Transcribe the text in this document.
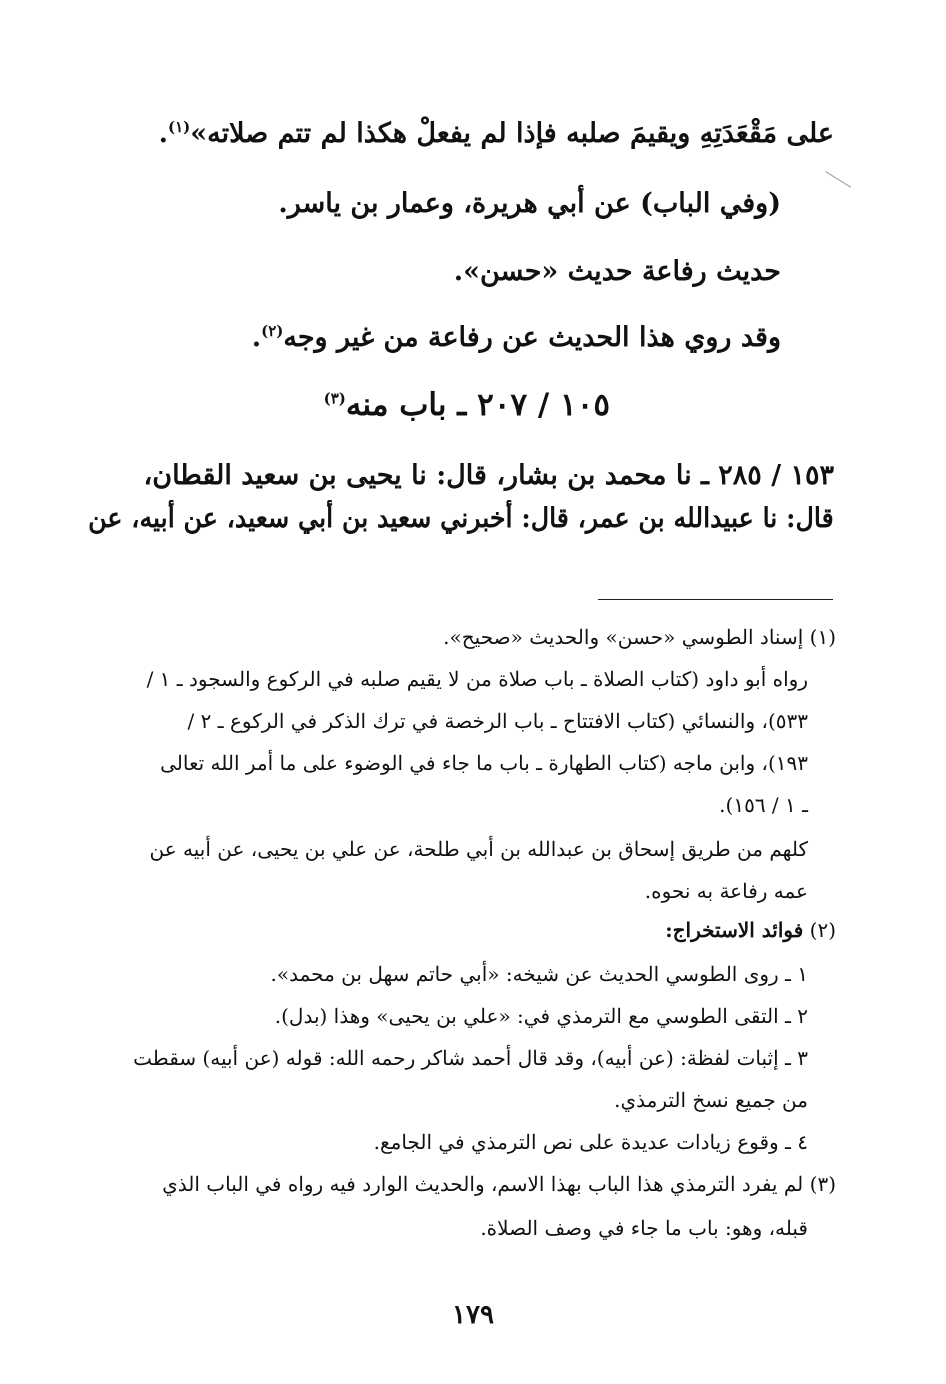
على مَقْعَدَتِهِ ويقيمَ صلبه فإذا لم يفعلْ هكذا لم تتم صلاته»$^{(١)}$.
(وفي الباب) عن أبي هريرة، وعمار بن ياسر.
حديث رفاعة حديث «حسن».
وقد روي هذا الحديث عن رفاعة من غير وجه$^{(٢)}$.
١٠٥ / ٢٠٧ ـ باب منه$^{(٣)}$
١٥٣ / ٢٨٥ ـ نا محمد بن بشار، قال: نا يحيى بن سعيد القطان،
قال: نا عبيدالله بن عمر، قال: أخبرني سعيد بن أبي سعيد، عن أبيه، عن
(١) إسناد الطوسي «حسن» والحديث «صحيح».
رواه أبو داود (كتاب الصلاة ـ باب صلاة من لا يقيم صلبه في الركوع والسجود ـ ١ /
٥٣٣)، والنسائي (كتاب الافتتاح ـ باب الرخصة في ترك الذكر في الركوع ـ ٢ /
١٩٣)، وابن ماجه (كتاب الطهارة ـ باب ما جاء في الوضوء على ما أمر الله تعالى
ـ ١ / ١٥٦).
كلهم من طريق إسحاق بن عبدالله بن أبي طلحة، عن علي بن يحيى، عن أبيه عن
عمه رفاعة به نحوه.
(٢) فوائد الاستخراج:
١ ـ روى الطوسي الحديث عن شيخه: «أبي حاتم سهل بن محمد».
٢ ـ التقى الطوسي مع الترمذي في: «علي بن يحيى» وهذا (بدل).
٣ ـ إثبات لفظة: (عن أبيه)، وقد قال أحمد شاكر رحمه الله: قوله (عن أبيه) سقطت
من جميع نسخ الترمذي.
٤ ـ وقوع زيادات عديدة على نص الترمذي في الجامع.
(٣) لم يفرد الترمذي هذا الباب بهذا الاسم، والحديث الوارد فيه رواه في الباب الذي
قبله، وهو: باب ما جاء في وصف الصلاة.
١٧٩
